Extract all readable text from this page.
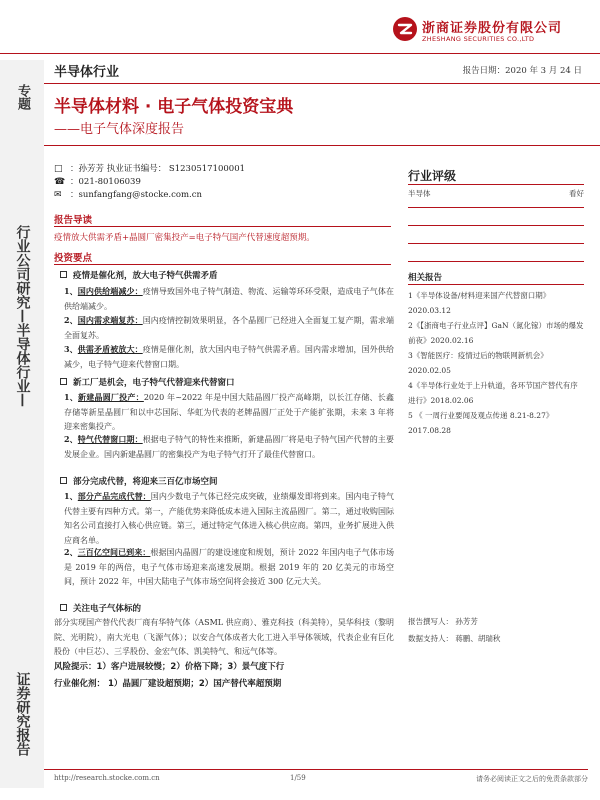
浙商证券股份有限公司
ZHESHANG SECURITIES CO.,LTD
专题
行业公司研究—半导体行业—
证券研究报告
半导体行业	报告日期：2020 年 3 月 24 日
半导体材料 · 电子气体投资宝典
——电子气体深度报告
□ ：孙芳芳 执业证书编号： S1230517100001
☎ ：021-80106039
✉ ：sunfangfang@stocke.com.cn
报告导读
疫情放大供需矛盾+晶圆厂密集投产=电子特气国产代替速度超预期。
投资要点
疫情是催化剂，放大电子特气供需矛盾
1、国内供给端减少：疫情导致国外电子特气制造、物流、运输等环环受限，造成电子气体在供给端减少。
2、国内需求端复苏：国内疫情控制效果明显，各个晶圆厂已经进入全面复工复产期，需求端全面复苏。
3、供需矛盾被放大：疫情是催化剂，放大国内电子特气供需矛盾。国内需求增加，国外供给减少，电子特气迎来代替窗口期。
新工厂是机会，电子特气代替迎来代替窗口
1、新建晶圆厂投产：2020 年~2022 年是中国大陆晶圆厂投产高峰期，以长江存储、长鑫存储等新星晶圆厂和以中芯国际、华虹为代表的老牌晶圆厂正处于产能扩张期，未来 3 年将迎来密集投产。
2、特气代替窗口期：根据电子特气的特性来推断，新建晶圆厂将是电子特气国产代替的主要发展企业。国内新建晶圆厂的密集投产为电子特气打开了最佳代替窗口。
部分完成代替，将迎来三百亿市场空间
1、部分产品完成代替：国内少数电子气体已经完成突破，业绩爆发即将到来。国内电子特气代替主要有四种方式。第一，产能优势来降低成本进入国际主流晶圆厂。第二，通过收购国际知名公司直接打入核心供应链。第三，通过特定气体进入核心供应商。第四，业务扩展进入供应商名单。
2、三百亿空间已到来：根据国内晶圆厂的建设速度和规划，预计 2022 年国内电子气体市场是 2019 年的两倍，电子气体市场迎来高速发展期。根据 2019 年的 20 亿美元的市场空间，预计 2022 年，中国大陆电子气体市场空间将会接近 300 亿元大关。
关注电子气体标的
部分实现国产替代代表厂商有华特气体（ASML 供应商）、雅克科技（科美特），昊华科技（黎明院、光明院），南大光电（飞源气体）；以安合气体成者大化工进入半导体领域，代表企业有巨化股份（中巨芯）、三孚股份、金宏气体、凯美特气、和远气体等。
风险提示：1）客户进展较慢；2）价格下降；3）景气度下行
行业催化剂： 1）晶圆厂建设超预期；2）国产替代率超预期
行业评级
半导体	看好
相关报告
1《半导体设备/材料迎来国产代替窗口期》2020.03.12
2《【浙商电子行业点评】GaN（氮化镓）市场的爆发前夜》2020.02.16
3《智能医疗：疫情过后的物联网新机会》2020.02.05
4《半导体行业处于上升轨道，各环节国产替代有序进行》2018.02.06
5 《 一周行业要闻及观点传递 8.21-8.27》2017.08.28
报告撰写人： 孙芳芳
数据支持人： 蒋鹏、胡瑞秋
http://research.stocke.com.cn	1/59	请务必阅读正文之后的免责条款部分
